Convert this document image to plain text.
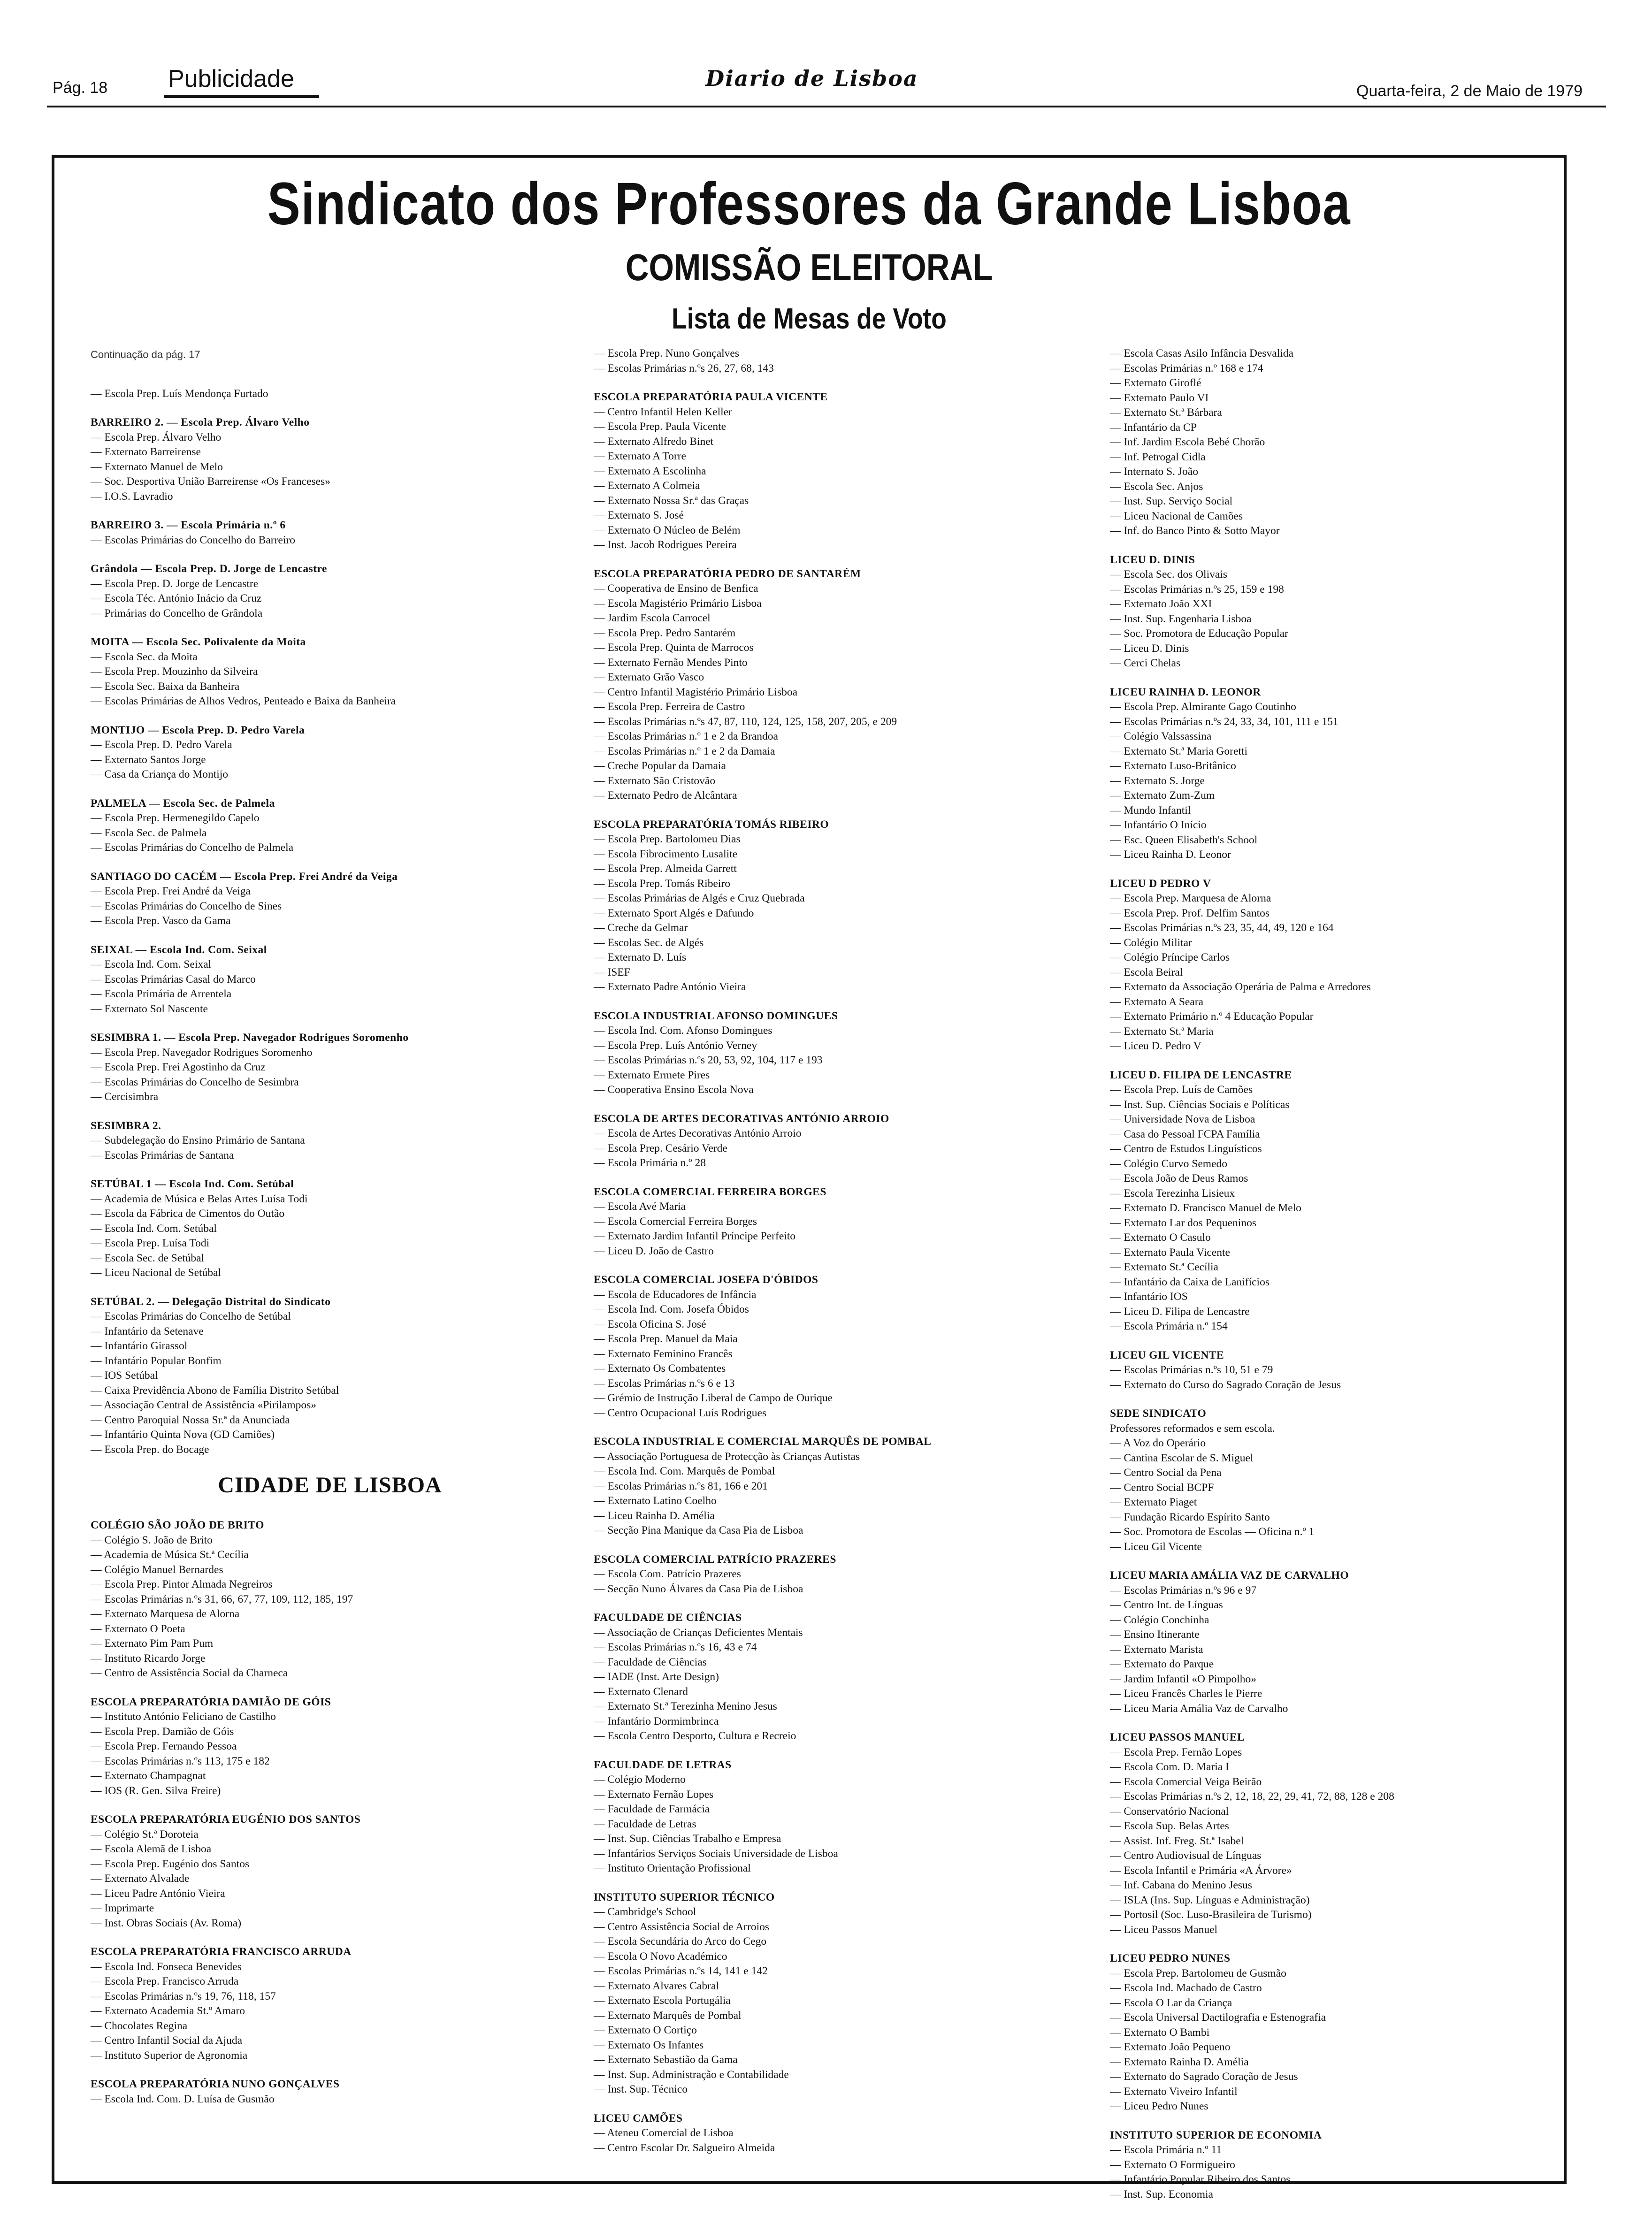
Pág. 18 Publicidade	Diario de Lisboa	Quarta-feira, 2 de Maio de 1979
Sindicato dos Professores da Grande Lisboa
COMISSÃO ELEITORAL
Lista de Mesas de Voto
Continuação da pág. 17
— Escola Prep. Luís Mendonça Furtado
BARREIRO 2. — Escola Prep. Álvaro Velho
— Escola Prep. Álvaro Velho
— Externato Barreirense
— Externato Manuel de Melo
— Soc. Desportiva União Barreirense «Os Franceses»
— I.O.S. Lavradio
BARREIRO 3. — Escola Primária n.º 6
— Escolas Primárias do Concelho do Barreiro
Grândola — Escola Prep. D. Jorge de Lencastre
— Escola Prep. D. Jorge de Lencastre
— Escola Téc. António Inácio da Cruz
— Primárias do Concelho de Grândola
MOITA — Escola Sec. Polivalente da Moita
— Escola Sec. da Moita
— Escola Prep. Mouzinho da Silveira
— Escola Sec. Baixa da Banheira
— Escolas Primárias de Alhos Vedros, Penteado e Baixa da Banheira
MONTIJO — Escola Prep. D. Pedro Varela
— Escola Prep. D. Pedro Varela
— Externato Santos Jorge
— Casa da Criança do Montijo
PALMELA — Escola Sec. de Palmela
— Escola Prep. Hermenegildo Capelo
— Escola Sec. de Palmela
— Escolas Primárias do Concelho de Palmela
SANTIAGO DO CACÉM — Escola Prep. Frei André da Veiga
— Escola Prep. Frei André da Veiga
— Escolas Primárias do Concelho de Sines
— Escola Prep. Vasco da Gama
SEIXAL — Escola Ind. Com. Seixal
— Escola Ind. Com. Seixal
— Escolas Primárias Casal do Marco
— Escola Primária de Arrentela
— Externato Sol Nascente
SESIMBRA 1. — Escola Prep. Navegador Rodrigues Soromenho
— Escola Prep. Navegador Rodrigues Soromenho
— Escola Prep. Frei Agostinho da Cruz
— Escolas Primárias do Concelho de Sesimbra
— Cercisimbra
SESIMBRA 2.
— Subdelegação do Ensino Primário de Santana
— Escolas Primárias de Santana
SETÚBAL 1 — Escola Ind. Com. Setúbal
— Academia de Música e Belas Artes Luísa Todi
— Escola da Fábrica de Cimentos do Outão
— Escola Ind. Com. Setúbal
— Escola Prep. Luísa Todi
— Escola Sec. de Setúbal
— Liceu Nacional de Setúbal
SETÚBAL 2. — Delegação Distrital do Sindicato
— Escolas Primárias do Concelho de Setúbal
— Infantário da Setenave
— Infantário Girassol
— Infantário Popular Bonfim
— IOS Setúbal
— Caixa Previdência Abono de Família Distrito Setúbal
— Associação Central de Assistência «Pirilampos»
— Centro Paroquial Nossa Sr.ª da Anunciada
— Infantário Quinta Nova (GD Camiões)
— Escola Prep. do Bocage
CIDADE DE LISBOA
COLÉGIO SÃO JOÃO DE BRITO
— Colégio S. João de Brito
— Academia de Música St.ª Cecília
— Colégio Manuel Bernardes
— Escola Prep. Pintor Almada Negreiros
— Escolas Primárias n.ºs 31, 66, 67, 77, 109, 112, 185, 197
— Externato Marquesa de Alorna
— Externato O Poeta
— Externato Pim Pam Pum
— Instituto Ricardo Jorge
— Centro de Assistência Social da Charneca
ESCOLA PREPARATÓRIA DAMIÃO DE GÓIS
— Instituto António Feliciano de Castilho
— Escola Prep. Damião de Góis
— Escola Prep. Fernando Pessoa
— Escolas Primárias n.ºs 113, 175 e 182
— Externato Champagnat
— IOS (R. Gen. Silva Freire)
ESCOLA PREPARATÓRIA EUGÉNIO DOS SANTOS
— Colégio St.ª Doroteia
— Escola Alemã de Lisboa
— Escola Prep. Eugénio dos Santos
— Externato Alvalade
— Liceu Padre António Vieira
— Imprimarte
— Inst. Obras Sociais (Av. Roma)
ESCOLA PREPARATÓRIA FRANCISCO ARRUDA
— Escola Ind. Fonseca Benevides
— Escola Prep. Francisco Arruda
— Escolas Primárias n.ºs 19, 76, 118, 157
— Externato Academia St.º Amaro
— Chocolates Regina
— Centro Infantil Social da Ajuda
— Instituto Superior de Agronomia
ESCOLA PREPARATÓRIA NUNO GONÇALVES
— Escola Ind. Com. D. Luísa de Gusmão
— Escola Prep. Nuno Gonçalves
— Escolas Primárias n.ºs 26, 27, 68, 143
ESCOLA PREPARATÓRIA PAULA VICENTE
— Centro Infantil Helen Keller
— Escola Prep. Paula Vicente
— Externato Alfredo Binet
— Externato A Torre
— Externato A Escolinha
— Externato A Colmeia
— Externato Nossa Sr.ª das Graças
— Externato S. José
— Externato O Núcleo de Belém
— Inst. Jacob Rodrigues Pereira
ESCOLA PREPARATÓRIA PEDRO DE SANTARÉM
— Cooperativa de Ensino de Benfica
— Escola Magistério Primário Lisboa
— Jardim Escola Carrocel
— Escola Prep. Pedro Santarém
— Escola Prep. Quinta de Marrocos
— Externato Fernão Mendes Pinto
— Externato Grão Vasco
— Centro Infantil Magistério Primário Lisboa
— Escola Prep. Ferreira de Castro
— Escolas Primárias n.ºs 47, 87, 110, 124, 125, 158, 207, 205, e 209
— Escolas Primárias n.º 1 e 2 da Brandoa
— Escolas Primárias n.º 1 e 2 da Damaia
— Creche Popular da Damaia
— Externato São Cristovão
— Externato Pedro de Alcântara
ESCOLA PREPARATÓRIA TOMÁS RIBEIRO
— Escola Prep. Bartolomeu Dias
— Escola Fibrocimento Lusalite
— Escola Prep. Almeida Garrett
— Escola Prep. Tomás Ribeiro
— Escolas Primárias de Algés e Cruz Quebrada
— Externato Sport Algés e Dafundo
— Creche da Gelmar
— Escolas Sec. de Algés
— Externato D. Luís
— ISEF
— Externato Padre António Vieira
ESCOLA INDUSTRIAL AFONSO DOMINGUES
— Escola Ind. Com. Afonso Domingues
— Escola Prep. Luís António Verney
— Escolas Primárias n.ºs 20, 53, 92, 104, 117 e 193
— Externato Ermete Pires
— Cooperativa Ensino Escola Nova
ESCOLA DE ARTES DECORATIVAS ANTÓNIO ARROIO
— Escola de Artes Decorativas António Arroio
— Escola Prep. Cesário Verde
— Escola Primária n.º 28
ESCOLA COMERCIAL FERREIRA BORGES
— Escola Avé Maria
— Escola Comercial Ferreira Borges
— Externato Jardim Infantil Príncipe Perfeito
— Liceu D. João de Castro
ESCOLA COMERCIAL JOSEFA D'ÓBIDOS
— Escola de Educadores de Infância
— Escola Ind. Com. Josefa Óbidos
— Escola Oficina S. José
— Escola Prep. Manuel da Maia
— Externato Feminino Francês
— Externato Os Combatentes
— Escolas Primárias n.ºs 6 e 13
— Grémio de Instrução Liberal de Campo de Ourique
— Centro Ocupacional Luís Rodrigues
ESCOLA INDUSTRIAL E COMERCIAL MARQUÊS DE POMBAL
— Associação Portuguesa de Protecção às Crianças Autistas
— Escola Ind. Com. Marquês de Pombal
— Escolas Primárias n.ºs 81, 166 e 201
— Externato Latino Coelho
— Liceu Rainha D. Amélia
— Secção Pina Manique da Casa Pia de Lisboa
ESCOLA COMERCIAL PATRÍCIO PRAZERES
— Escola Com. Patrício Prazeres
— Secção Nuno Álvares da Casa Pia de Lisboa
FACULDADE DE CIÊNCIAS
— Associação de Crianças Deficientes Mentais
— Escolas Primárias n.ºs 16, 43 e 74
— Faculdade de Ciências
— IADE (Inst. Arte Design)
— Externato Clenard
— Externato St.ª Terezinha Menino Jesus
— Infantário Dormimbrinca
— Escola Centro Desporto, Cultura e Recreio
FACULDADE DE LETRAS
— Colégio Moderno
— Externato Fernão Lopes
— Faculdade de Farmácia
— Faculdade de Letras
— Inst. Sup. Ciências Trabalho e Empresa
— Infantários Serviços Sociais Universidade de Lisboa
— Instituto Orientação Profissional
INSTITUTO SUPERIOR TÉCNICO
— Cambridge's School
— Centro Assistência Social de Arroios
— Escola Secundária do Arco do Cego
— Escola O Novo Académico
— Escolas Primárias n.ºs 14, 141 e 142
— Externato Alvares Cabral
— Externato Escola Portugália
— Externato Marquês de Pombal
— Externato O Cortiço
— Externato Os Infantes
— Externato Sebastião da Gama
— Inst. Sup. Administração e Contabilidade
— Inst. Sup. Técnico
LICEU CAMÕES
— Ateneu Comercial de Lisboa
— Centro Escolar Dr. Salgueiro Almeida
— Escola Casas Asilo Infância Desvalida
— Escolas Primárias n.º 168 e 174
— Externato Giroflé
— Externato Paulo VI
— Externato St.ª Bárbara
— Infantário da CP
— Inf. Jardim Escola Bebé Chorão
— Inf. Petrogal Cidla
— Internato S. João
— Escola Sec. Anjos
— Inst. Sup. Serviço Social
— Liceu Nacional de Camões
— Inf. do Banco Pinto & Sotto Mayor
LICEU D. DINIS
— Escola Sec. dos Olivais
— Escolas Primárias n.ºs 25, 159 e 198
— Externato João XXI
— Inst. Sup. Engenharia Lisboa
— Soc. Promotora de Educação Popular
— Liceu D. Dinis
— Cerci Chelas
LICEU RAINHA D. LEONOR
— Escola Prep. Almirante Gago Coutinho
— Escolas Primárias n.ºs 24, 33, 34, 101, 111 e 151
— Colégio Valssassina
— Externato St.ª Maria Goretti
— Externato Luso-Britânico
— Externato S. Jorge
— Externato Zum-Zum
— Mundo Infantil
— Infantário O Início
— Esc. Queen Elisabeth's School
— Liceu Rainha D. Leonor
LICEU D PEDRO V
— Escola Prep. Marquesa de Alorna
— Escola Prep. Prof. Delfim Santos
— Escolas Primárias n.ºs 23, 35, 44, 49, 120 e 164
— Colégio Militar
— Colégio Príncipe Carlos
— Escola Beiral
— Externato da Associação Operária de Palma e Arredores
— Externato A Seara
— Externato Primário n.º 4 Educação Popular
— Externato St.ª Maria
— Liceu D. Pedro V
LICEU D. FILIPA DE LENCASTRE
— Escola Prep. Luís de Camões
— Inst. Sup. Ciências Sociais e Políticas
— Universidade Nova de Lisboa
— Casa do Pessoal FCPA Família
— Centro de Estudos Linguísticos
— Colégio Curvo Semedo
— Escola João de Deus Ramos
— Escola Terezinha Lisieux
— Externato D. Francisco Manuel de Melo
— Externato Lar dos Pequeninos
— Externato O Casulo
— Externato Paula Vicente
— Externato St.ª Cecília
— Infantário da Caixa de Lanifícios
— Infantário IOS
— Liceu D. Filipa de Lencastre
— Escola Primária n.º 154
LICEU GIL VICENTE
— Escolas Primárias n.ºs 10, 51 e 79
— Externato do Curso do Sagrado Coração de Jesus
SEDE SINDICATO
Professores reformados e sem escola.
— A Voz do Operário
— Cantina Escolar de S. Miguel
— Centro Social da Pena
— Centro Social BCPF
— Externato Piaget
— Fundação Ricardo Espírito Santo
— Soc. Promotora de Escolas — Oficina n.º 1
— Liceu Gil Vicente
LICEU MARIA AMÁLIA VAZ DE CARVALHO
— Escolas Primárias n.ºs 96 e 97
— Centro Int. de Línguas
— Colégio Conchinha
— Ensino Itinerante
— Externato Marista
— Externato do Parque
— Jardim Infantil «O Pimpolho»
— Liceu Francês Charles le Pierre
— Liceu Maria Amália Vaz de Carvalho
LICEU PASSOS MANUEL
— Escola Prep. Fernão Lopes
— Escola Com. D. Maria I
— Escola Comercial Veiga Beirão
— Escolas Primárias n.ºs 2, 12, 18, 22, 29, 41, 72, 88, 128 e 208
— Conservatório Nacional
— Escola Sup. Belas Artes
— Assist. Inf. Freg. St.ª Isabel
— Centro Audiovisual de Línguas
— Escola Infantil e Primária «A Árvore»
— Inf. Cabana do Menino Jesus
— ISLA (Ins. Sup. Línguas e Administração)
— Portosil (Soc. Luso-Brasileira de Turismo)
— Liceu Passos Manuel
LICEU PEDRO NUNES
— Escola Prep. Bartolomeu de Gusmão
— Escola Ind. Machado de Castro
— Escola O Lar da Criança
— Escola Universal Dactilografia e Estenografia
— Externato O Bambi
— Externato João Pequeno
— Externato Rainha D. Amélia
— Externato do Sagrado Coração de Jesus
— Externato Viveiro Infantil
— Liceu Pedro Nunes
INSTITUTO SUPERIOR DE ECONOMIA
— Escola Primária n.º 11
— Externato O Formigueiro
— Infantário Popular Ribeiro dos Santos
— Inst. Sup. Economia
